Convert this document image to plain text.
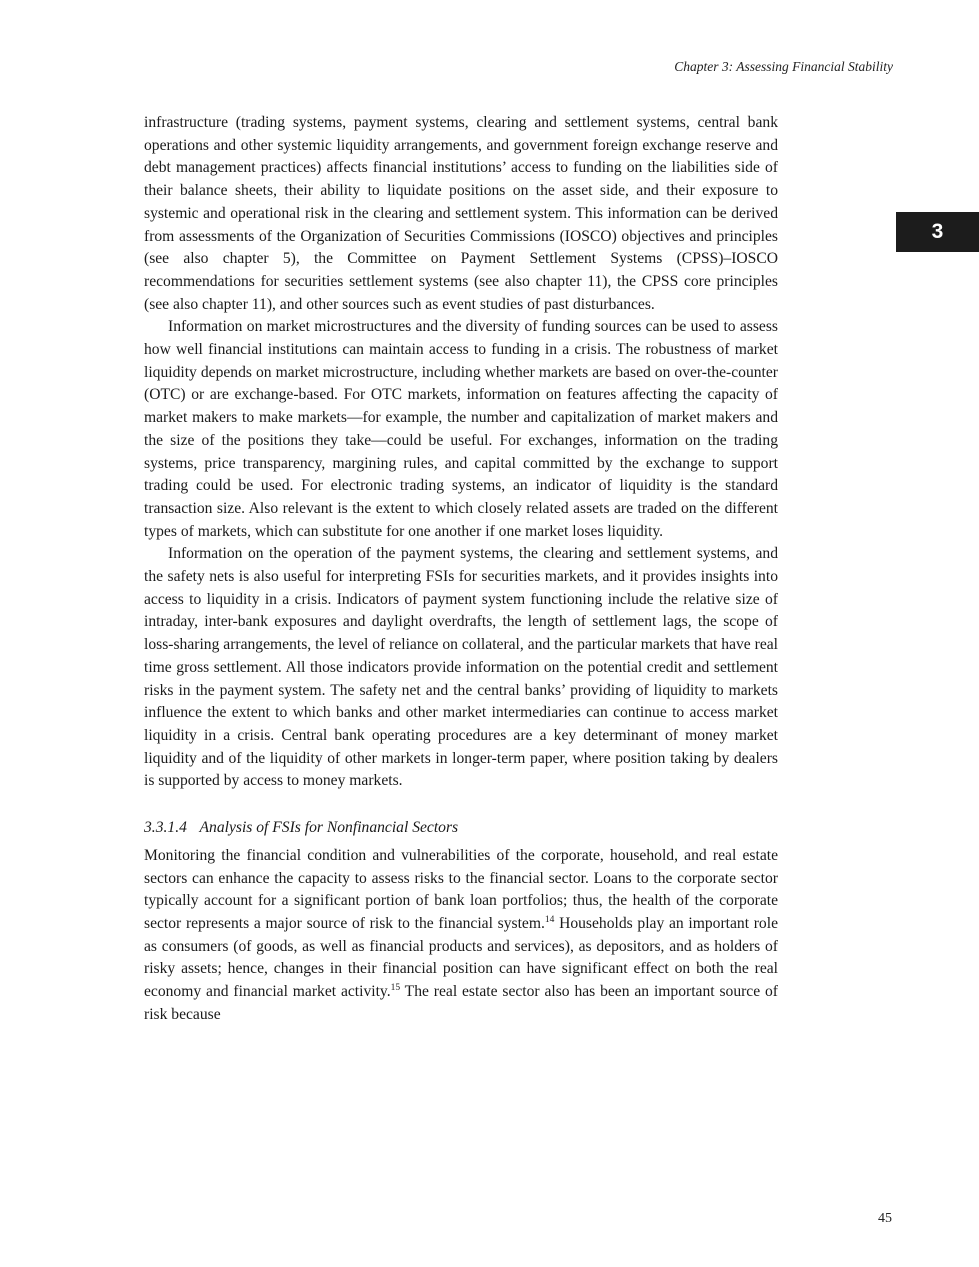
Chapter 3: Assessing Financial Stability
3

infrastructure (trading systems, payment systems, clearing and settlement systems, central bank operations and other systemic liquidity arrangements, and government foreign exchange reserve and debt management practices) affects financial institutions’ access to funding on the liabilities side of their balance sheets, their ability to liquidate positions on the asset side, and their exposure to systemic and operational risk in the clearing and settlement system. This information can be derived from assessments of the Organization of Securities Commissions (IOSCO) objectives and principles (see also chapter 5), the Committee on Payment Settlement Systems (CPSS)–IOSCO recommendations for securities settlement systems (see also chapter 11), the CPSS core principles (see also chapter 11), and other sources such as event studies of past disturbances.

Information on market microstructures and the diversity of funding sources can be used to assess how well financial institutions can maintain access to funding in a crisis. The robustness of market liquidity depends on market microstructure, including whether markets are based on over-the-counter (OTC) or are exchange-based. For OTC markets, information on features affecting the capacity of market makers to make markets—for example, the number and capitalization of market makers and the size of the positions they take—could be useful. For exchanges, information on the trading systems, price transparency, margining rules, and capital committed by the exchange to support trading could be used. For electronic trading systems, an indicator of liquidity is the standard transaction size. Also relevant is the extent to which closely related assets are traded on the different types of markets, which can substitute for one another if one market loses liquidity.

Information on the operation of the payment systems, the clearing and settlement systems, and the safety nets is also useful for interpreting FSIs for securities markets, and it provides insights into access to liquidity in a crisis. Indicators of payment system functioning include the relative size of intraday, inter-bank exposures and daylight overdrafts, the length of settlement lags, the scope of loss-sharing arrangements, the level of reliance on collateral, and the particular markets that have real time gross settlement. All those indicators provide information on the potential credit and settlement risks in the payment system. The safety net and the central banks’ providing of liquidity to markets influence the extent to which banks and other market intermediaries can continue to access market liquidity in a crisis. Central bank operating procedures are a key determinant of money market liquidity and of the liquidity of other markets in longer-term paper, where position taking by dealers is supported by access to money markets.

3.3.1.4 Analysis of FSIs for Nonfinancial Sectors

Monitoring the financial condition and vulnerabilities of the corporate, household, and real estate sectors can enhance the capacity to assess risks to the financial sector. Loans to the corporate sector typically account for a significant portion of bank loan portfolios; thus, the health of the corporate sector represents a major source of risk to the financial system.$^{14}$ Households play an important role as consumers (of goods, as well as financial products and services), as depositors, and as holders of risky assets; hence, changes in their financial position can have significant effect on both the real economy and financial market activity.$^{15}$ The real estate sector also has been an important source of risk because

45
